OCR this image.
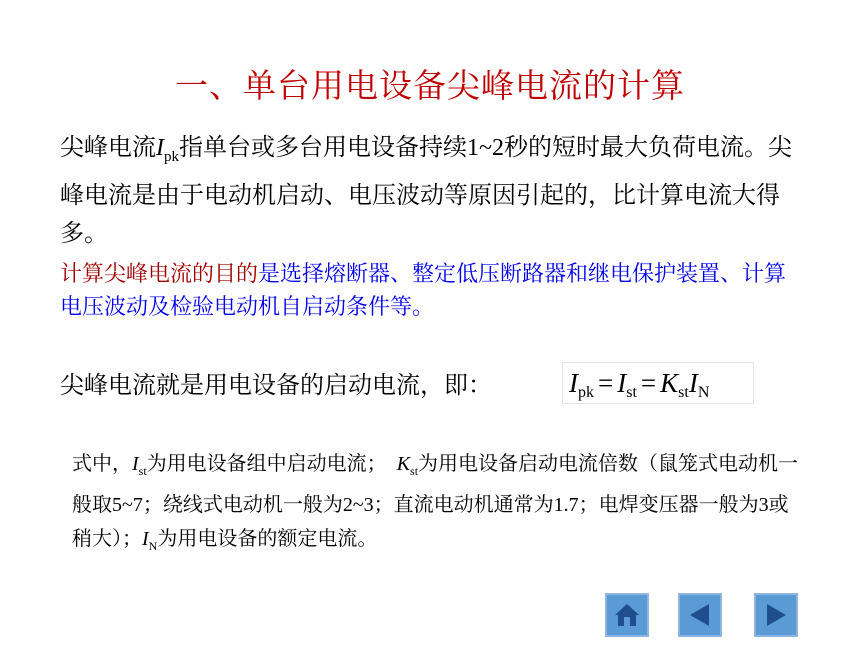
一、单台用电设备尖峰电流的计算
尖峰电流$I_{pk}$指单台或多台用电设备持续1~2秒的短时最大负荷电流。尖峰电流是由于电动机启动、电压波动等原因引起的，比计算电流大得多。
计算尖峰电流的目的是选择熔断器、整定低压断路器和继电保护装置、计算电压波动及检验电动机自启动条件等。
尖峰电流就是用电设备的启动电流，即：	$I_{pk} = I_{st} = K_{st}I_N$
式中，$I_{st}$为用电设备组中启动电流； $K_{st}$为用电设备启动电流倍数（鼠笼式电动机一般取5~7；绕线式电动机一般为2~3；直流电动机通常为1.7；电焊变压器一般为3或稍大）；$I_N$为用电设备的额定电流。
